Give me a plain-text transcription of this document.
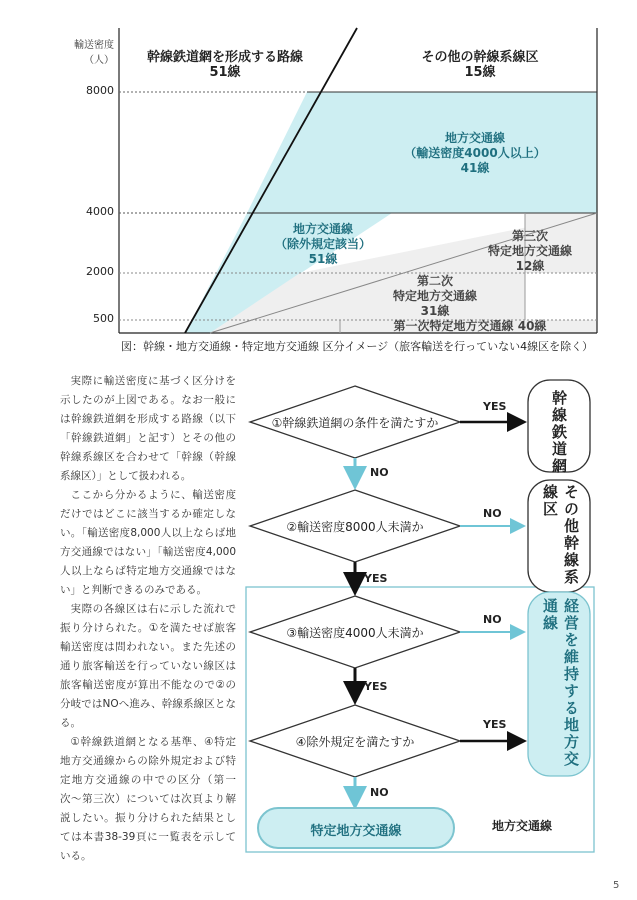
輸送密度
（人）
8000
4000
2000
500
幹線鉄道網を形成する路線
51線
その他の幹線系線区
15線
地方交通線
（輸送密度4000人以上）
41線
地方交通線
（除外規定該当）
51線
第三次
特定地方交通線
12線
第二次
特定地方交通線
31線
第一次特定地方交通線 40線
図：幹線・地方交通線・特定地方交通線 区分イメージ（旅客輸送を行っていない4線区を除く）

実際に輸送密度に基づく区分けを示したのが上図である。なお一般には幹線鉄道網を形成する路線（以下「幹線鉄道網」と記す）とその他の幹線系線区を合わせて「幹線（幹線系線区）」として扱われる。

ここから分かるように、輸送密度だけではどこに該当するか確定しない。「輸送密度8,000人以上ならば地方交通線ではない」「輸送密度4,000人以上ならば特定地方交通線ではない」と判断できるのみである。

実際の各線区は右に示した流れで振り分けられた。①を満たせば旅客輸送密度は問われない。また先述の通り旅客輸送を行っていない線区は旅客輸送密度が算出不能なので②の分岐ではNOへ進み、幹線系線区となる。

①幹線鉄道網となる基準、④特定地方交通線からの除外規定および特定地方交通線の中での区分（第一次〜第三次）については次頁より解説したい。振り分けられた結果としては本書38-39頁に一覧表を示している。

①幹線鉄道網の条件を満たすか
②輸送密度8000人未満か
③輸送密度4000人未満か
④除外規定を満たすか
YES
NO
NO
YES
NO
YES
YES
NO
幹線鉄道網
その他幹線系線区
経営を維持する地方交通線
特定地方交通線	地方交通線
5
